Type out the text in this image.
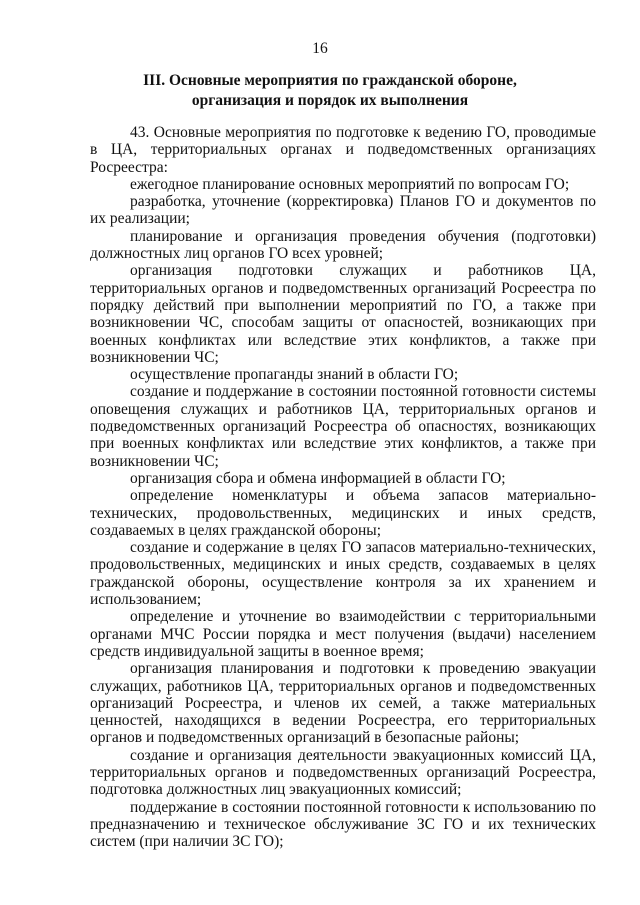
16
III. Основные мероприятия по гражданской обороне,
организация и порядок их выполнения

43. Основные мероприятия по подготовке к ведению ГО, проводимые в ЦА, территориальных органах и подведомственных организациях Росреестра:

ежегодное планирование основных мероприятий по вопросам ГО;

разработка, уточнение (корректировка) Планов ГО и документов по их реализации;

планирование и организация проведения обучения (подготовки) должностных лиц органов ГО всех уровней;

организация подготовки служащих и работников ЦА, территориальных органов и подведомственных организаций Росреестра по порядку действий при выполнении мероприятий по ГО, а также при возникновении ЧС, способам защиты от опасностей, возникающих при военных конфликтах или вследствие этих конфликтов, а также при возникновении ЧС;

осуществление пропаганды знаний в области ГО;

создание и поддержание в состоянии постоянной готовности системы оповещения служащих и работников ЦА, территориальных органов и подведомственных организаций Росреестра об опасностях, возникающих при военных конфликтах или вследствие этих конфликтов, а также при возникновении ЧС;

организация сбора и обмена информацией в области ГО;

определение номенклатуры и объема запасов материально-технических, продовольственных, медицинских и иных средств, создаваемых в целях гражданской обороны;

создание и содержание в целях ГО запасов материально-технических, продовольственных, медицинских и иных средств, создаваемых в целях гражданской обороны, осуществление контроля за их хранением и использованием;

определение и уточнение во взаимодействии с территориальными органами МЧС России порядка и мест получения (выдачи) населением средств индивидуальной защиты в военное время;

организация планирования и подготовки к проведению эвакуации служащих, работников ЦА, территориальных органов и подведомственных организаций Росреестра, и членов их семей, а также материальных ценностей, находящихся в ведении Росреестра, его территориальных органов и подведомственных организаций в безопасные районы;

создание и организация деятельности эвакуационных комиссий ЦА, территориальных органов и подведомственных организаций Росреестра, подготовка должностных лиц эвакуационных комиссий;

поддержание в состоянии постоянной готовности к использованию по предназначению и техническое обслуживание ЗС ГО и их технических систем (при наличии ЗС ГО);
